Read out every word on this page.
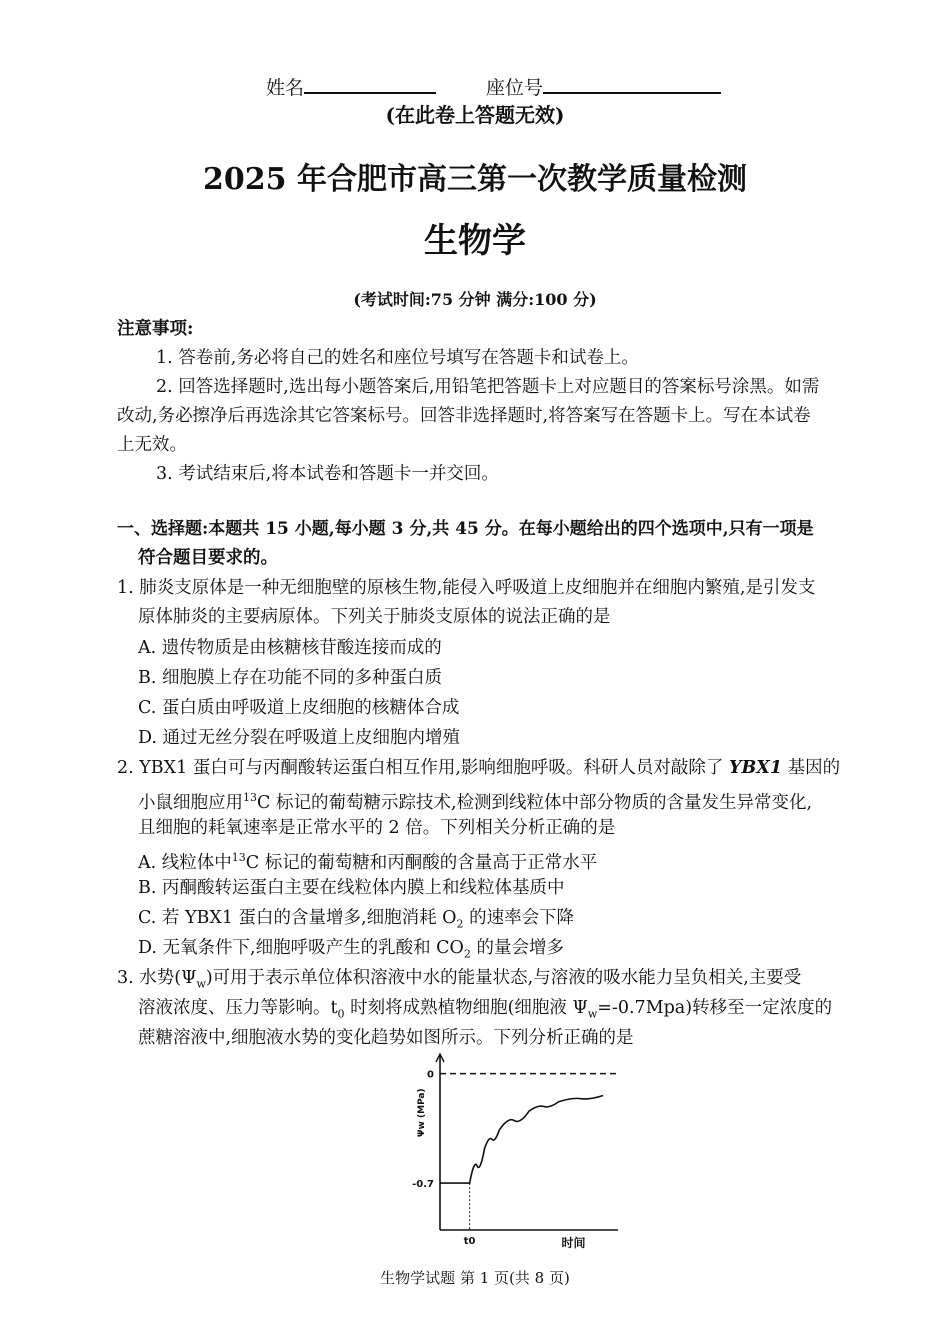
姓名	座位号
(在此卷上答题无效)
2025 年合肥市高三第一次教学质量检测
生物学
(考试时间:75 分钟 满分:100 分)
注意事项:
1. 答卷前,务必将自己的姓名和座位号填写在答题卡和试卷上。
2. 回答选择题时,选出每小题答案后,用铅笔把答题卡上对应题目的答案标号涂黑。如需
改动,务必擦净后再选涂其它答案标号。回答非选择题时,将答案写在答题卡上。写在本试卷
上无效。
3. 考试结束后,将本试卷和答题卡一并交回。
一、选择题:本题共 15 小题,每小题 3 分,共 45 分。在每小题给出的四个选项中,只有一项是
符合题目要求的。
1. 肺炎支原体是一种无细胞壁的原核生物,能侵入呼吸道上皮细胞并在细胞内繁殖,是引发支
原体肺炎的主要病原体。下列关于肺炎支原体的说法正确的是
A. 遗传物质是由核糖核苷酸连接而成的
B. 细胞膜上存在功能不同的多种蛋白质
C. 蛋白质由呼吸道上皮细胞的核糖体合成
D. 通过无丝分裂在呼吸道上皮细胞内增殖
2. YBX1 蛋白可与丙酮酸转运蛋白相互作用,影响细胞呼吸。科研人员对敲除了 YBX1 基因的
小鼠细胞应用$^{13}$C 标记的葡萄糖示踪技术,检测到线粒体中部分物质的含量发生异常变化,
且细胞的耗氧速率是正常水平的 2 倍。下列相关分析正确的是
A. 线粒体中$^{13}$C 标记的葡萄糖和丙酮酸的含量高于正常水平
B. 丙酮酸转运蛋白主要在线粒体内膜上和线粒体基质中
C. 若 YBX1 蛋白的含量增多,细胞消耗 $O_2$ 的速率会下降
D. 无氧条件下,细胞呼吸产生的乳酸和 $CO_2$ 的量会增多
3. 水势$(\Psi_w)$可用于表示单位体积溶液中水的能量状态,与溶液的吸水能力呈负相关,主要受
溶液浓度、压力等影响。$t_0$ 时刻将成熟植物细胞(细胞液 $\Psi_w=-0.7Mpa$)转移至一定浓度的
蔗糖溶液中,细胞液水势的变化趋势如图所示。下列分析正确的是
0
-0.7
Ψw (MPa)
t0	时间
生物学试题 第 1 页(共 8 页)
